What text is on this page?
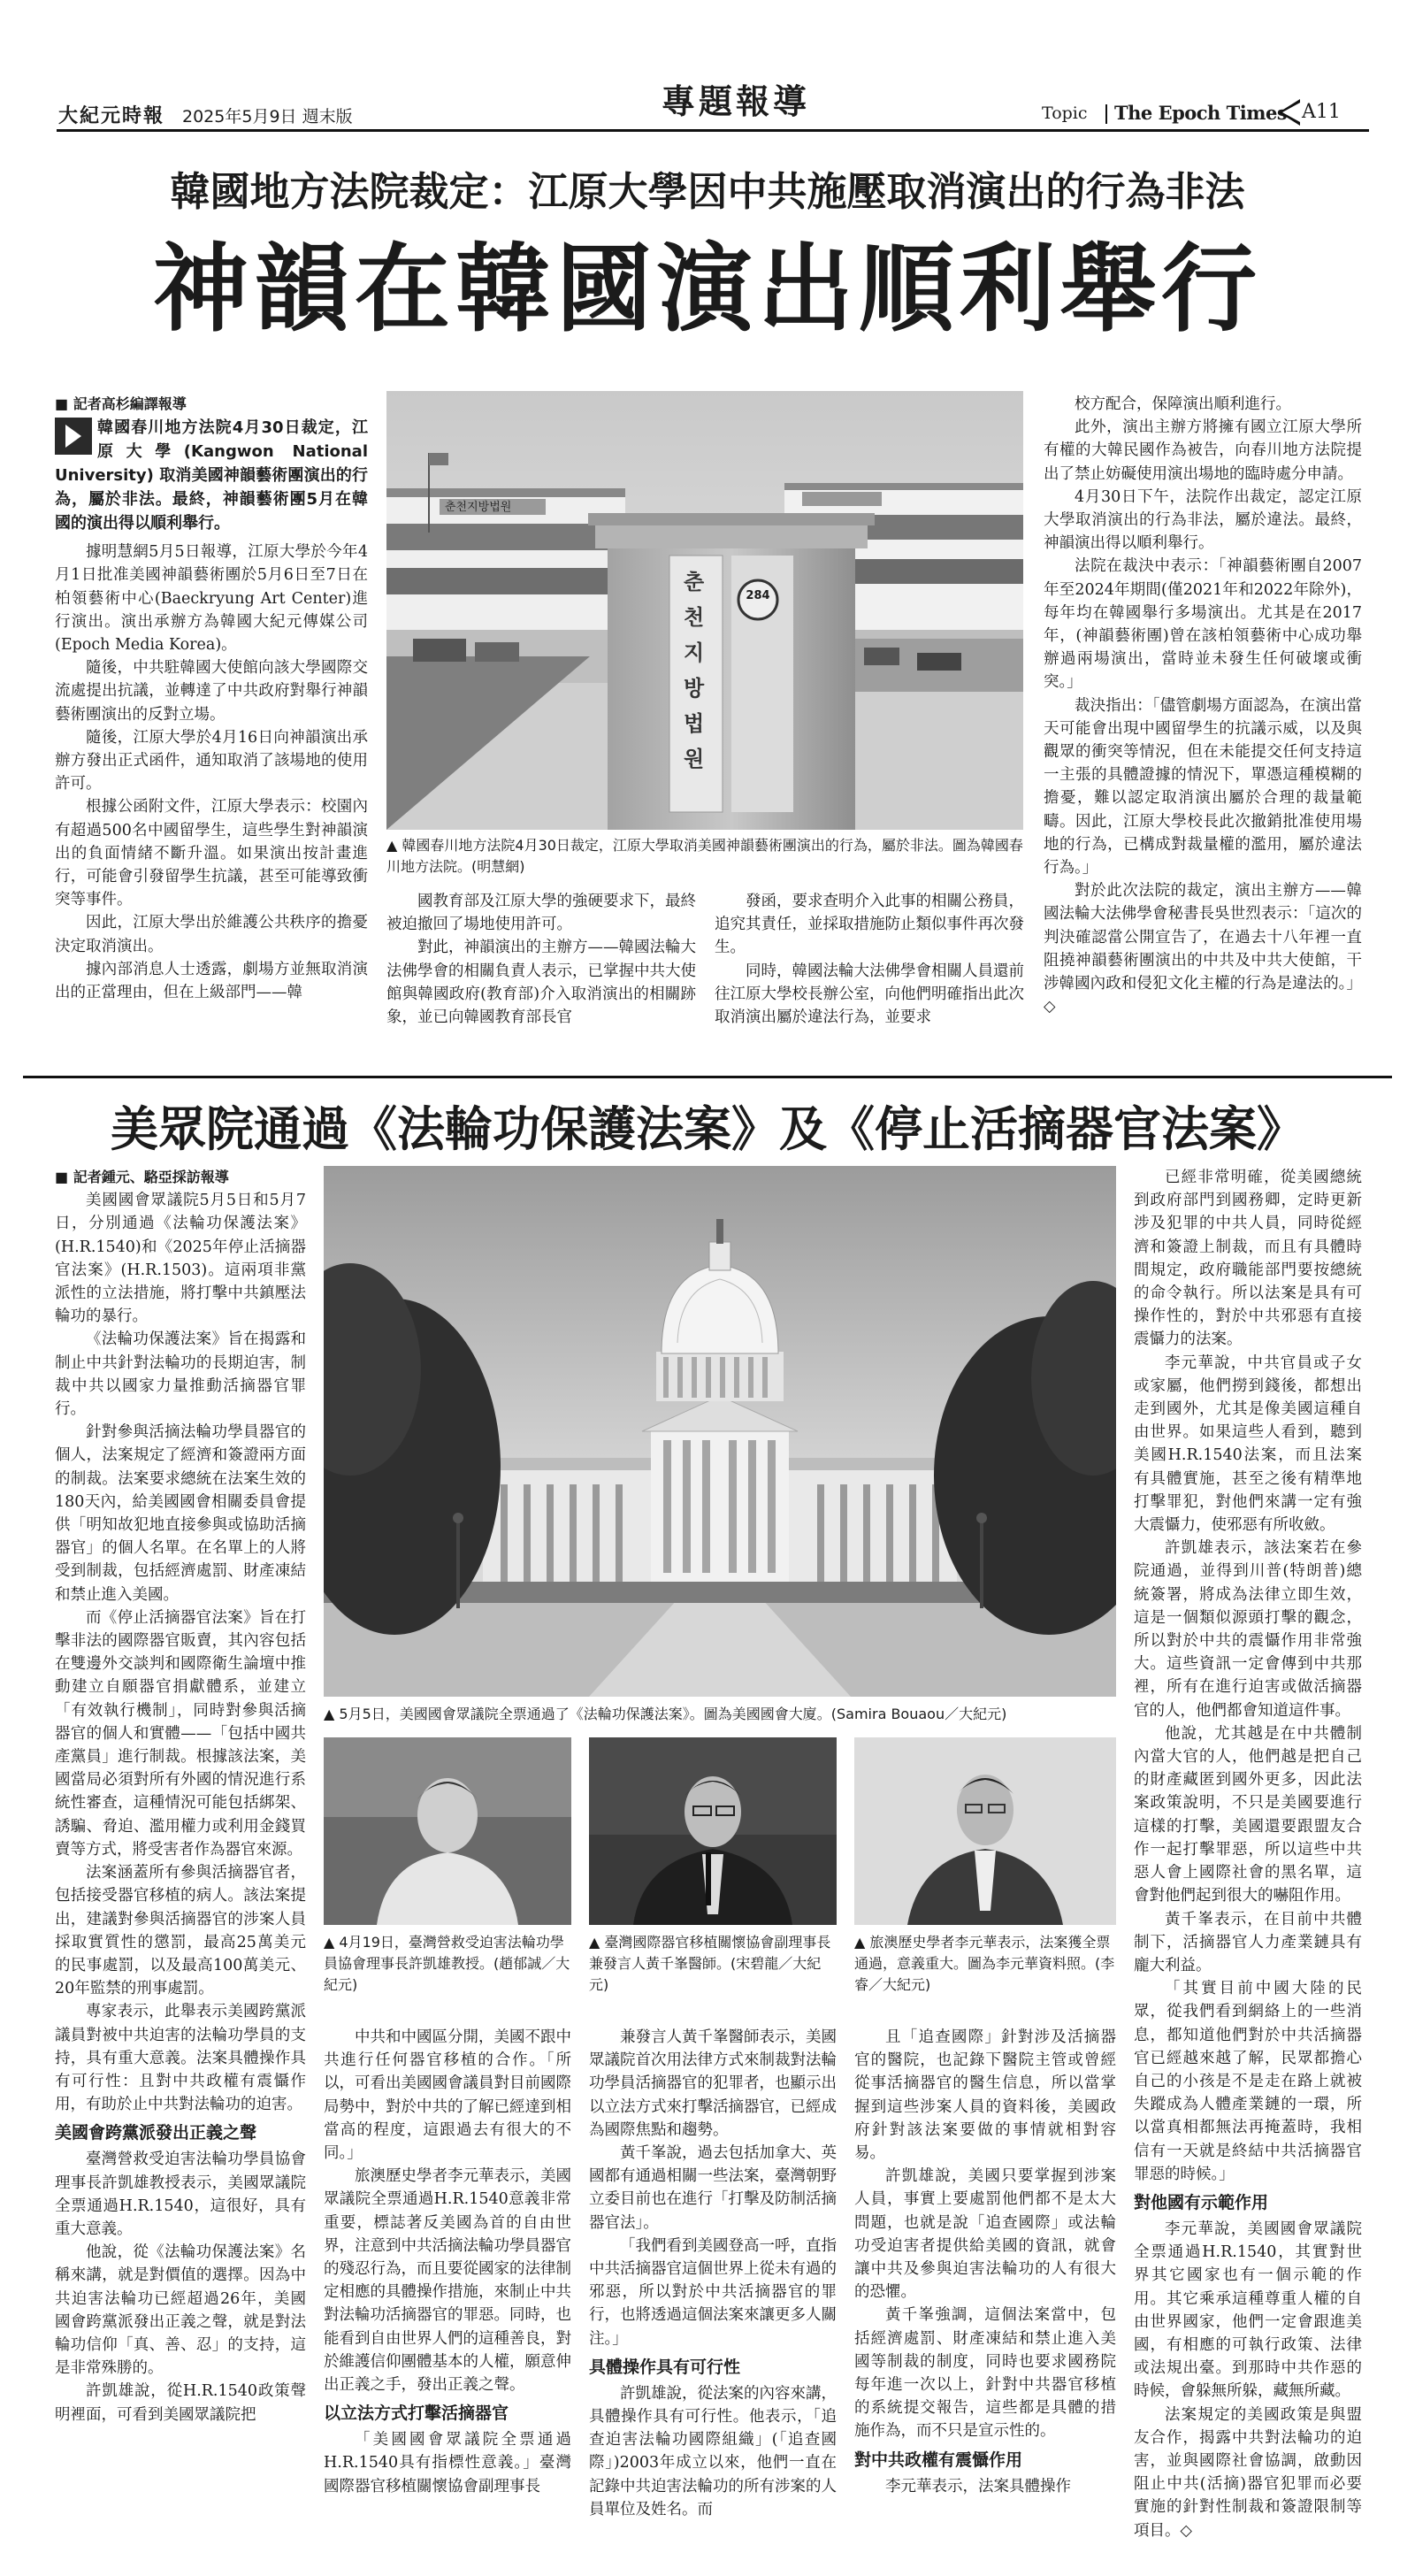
大紀元時報 2025年5月9日 週末版	專題報導	Topic The Epoch Times A11
韓國地方法院裁定：江原大學因中共施壓取消演出的行為非法
神韻在韓國演出順利舉行

■ 記者高杉編譯報導

韓國春川地方法院4月30日裁定，江原大學(Kangwon National University) 取消美國神韻藝術團演出的行為，屬於非法。最終，神韻藝術團5月在韓國的演出得以順利舉行。

據明慧網5月5日報導，江原大學於今年4月1日批准美國神韻藝術團於5月6日至7日在柏領藝術中心(Baeckryung Art Center)進行演出。演出承辦方為韓國大紀元傳媒公司(Epoch Media Korea)。

隨後，中共駐韓國大使館向該大學國際交流處提出抗議，並轉達了中共政府對舉行神韻藝術團演出的反對立場。

隨後，江原大學於4月16日向神韻演出承辦方發出正式函件，通知取消了該場地的使用許可。

根據公函附文件，江原大學表示：校園內有超過500名中國留學生，這些學生對神韻演出的負面情緒不斷升溫。如果演出按計畫進行，可能會引發留學生抗議，甚至可能導致衝突等事件。

因此，江原大學出於維護公共秩序的擔憂決定取消演出。

據內部消息人士透露，劇場方並無取消演出的正當理由，但在上級部門——韓

284
춘천지방법원
춘천지방법원
▲ 韓國春川地方法院4月30日裁定，江原大學取消美國神韻藝術團演出的行為，屬於非法。圖為韓國春川地方法院。(明慧網)

國教育部及江原大學的強硬要求下，最終被迫撤回了場地使用許可。

對此，神韻演出的主辦方——韓國法輪大法佛學會的相關負責人表示，已掌握中共大使館與韓國政府(教育部)介入取消演出的相關跡象，並已向韓國教育部長官

發函，要求查明介入此事的相關公務員，追究其責任，並採取措施防止類似事件再次發生。

同時，韓國法輪大法佛學會相關人員還前往江原大學校長辦公室，向他們明確指出此次取消演出屬於違法行為，並要求

校方配合，保障演出順利進行。

此外，演出主辦方將擁有國立江原大學所有權的大韓民國作為被告，向春川地方法院提出了禁止妨礙使用演出場地的臨時處分申請。

4月30日下午，法院作出裁定，認定江原大學取消演出的行為非法，屬於違法。最終，神韻演出得以順利舉行。

法院在裁決中表示：「神韻藝術團自2007年至2024年期間(僅2021年和2022年除外)，每年均在韓國舉行多場演出。尤其是在2017年，(神韻藝術團)曾在該柏領藝術中心成功舉辦過兩場演出，當時並未發生任何破壞或衝突。」

裁決指出：「儘管劇場方面認為，在演出當天可能會出現中國留學生的抗議示威，以及與觀眾的衝突等情況，但在未能提交任何支持這一主張的具體證據的情況下，單憑這種模糊的擔憂，難以認定取消演出屬於合理的裁量範疇。因此，江原大學校長此次撤銷批准使用場地的行為，已構成對裁量權的濫用，屬於違法行為。」

對於此次法院的裁定，演出主辦方——韓國法輪大法佛學會秘書長吳世烈表示：「這次的判決確認當公開宣告了，在過去十八年裡一直阻撓神韻藝術團演出的中共及中共大使館，干涉韓國內政和侵犯文化主權的行為是違法的。」◇

美眾院通過《法輪功保護法案》及《停止活摘器官法案》

■ 記者鍾元、駱亞採訪報導

美國國會眾議院5月5日和5月7日，分別通過《法輪功保護法案》(H.R.1540)和《2025年停止活摘器官法案》(H.R.1503)。這兩項非黨派性的立法措施，將打擊中共鎮壓法輪功的暴行。

《法輪功保護法案》旨在揭露和制止中共針對法輪功的長期迫害，制裁中共以國家力量推動活摘器官罪行。

針對參與活摘法輪功學員器官的個人，法案規定了經濟和簽證兩方面的制裁。法案要求總統在法案生效的180天內，給美國國會相關委員會提供「明知故犯地直接參與或協助活摘器官」的個人名單。在名單上的人將受到制裁，包括經濟處罰、財產凍結和禁止進入美國。

而《停止活摘器官法案》旨在打擊非法的國際器官販賣，其內容包括在雙邊外交談判和國際衛生論壇中推動建立自願器官捐獻體系，並建立「有效執行機制」，同時對參與活摘器官的個人和實體——「包括中國共產黨員」進行制裁。根據該法案，美國當局必須對所有外國的情況進行系統性審查，這種情況可能包括綁架、誘騙、脅迫、濫用權力或利用金錢買賣等方式，將受害者作為器官來源。

法案涵蓋所有參與活摘器官者，包括接受器官移植的病人。該法案提出，建議對參與活摘器官的涉案人員採取實質性的懲罰，最高25萬美元的民事處罰，以及最高100萬美元、20年監禁的刑事處罰。

專家表示，此舉表示美國跨黨派議員對被中共迫害的法輪功學員的支持，具有重大意義。法案具體操作具有可行性：且對中共政權有震懾作用，有助於止中共對法輪功的迫害。

美國會跨黨派發出正義之聲

臺灣營救受迫害法輪功學員協會理事長許凱雄教授表示，美國眾議院全票通過H.R.1540，這很好，具有重大意義。

他說，從《法輪功保護法案》名稱來講，就是對價值的選擇。因為中共迫害法輪功已經超過26年，美國國會跨黨派發出正義之聲，就是對法輪功信仰「真、善、忍」的支持，這是非常殊勝的。

許凱雄說，從H.R.1540政策聲明裡面，可看到美國眾議院把

▲ 5月5日，美國國會眾議院全票通過了《法輪功保護法案》。圖為美國國會大廈。(Samira Bouaou／大紀元)
▲ 4月19日，臺灣營救受迫害法輪功學員協會理事長許凱雄教授。(趙郁誠／大紀元)
▲ 臺灣國際器官移植關懷協會副理事長兼發言人黃千峯醫師。(宋碧龍／大紀元)
▲ 旅澳歷史學者李元華表示，法案獲全票通過，意義重大。圖為李元華資料照。(李睿／大紀元)

中共和中國區分開，美國不跟中共進行任何器官移植的合作。「所以，可看出美國國會議員對目前國際局勢中，對於中共的了解已經達到相當高的程度，這跟過去有很大的不同。」

旅澳歷史學者李元華表示，美國眾議院全票通過H.R.1540意義非常重要，標誌著反美國為首的自由世界，注意到中共活摘法輪功學員器官的殘忍行為，而且要從國家的法律制定相應的具體操作措施，來制止中共對法輪功活摘器官的罪惡。同時，也能看到自由世界人們的這種善良，對於維護信仰團體基本的人權，願意伸出正義之手，發出正義之聲。

以立法方式打擊活摘器官

「美國國會眾議院全票通過H.R.1540具有指標性意義。」臺灣國際器官移植關懷協會副理事長

兼發言人黃千峯醫師表示，美國眾議院首次用法律方式來制裁對法輪功學員活摘器官的犯罪者，也顯示出以立法方式來打擊活摘器官，已經成為國際焦點和趨勢。

黃千峯說，過去包括加拿大、英國都有通過相關一些法案，臺灣朝野立委目前也在進行「打擊及防制活摘器官法」。

「我們看到美國登高一呼，直指中共活摘器官這個世界上從未有過的邪惡，所以對於中共活摘器官的罪行，也將透過這個法案來讓更多人關注。」

具體操作具有可行性

許凱雄說，從法案的內容來講，具體操作具有可行性。他表示，「追查迫害法輪功國際組織」(「追查國際」)2003年成立以來，他們一直在記錄中共迫害法輪功的所有涉案的人員單位及姓名。而

且「追查國際」針對涉及活摘器官的醫院，也記錄下醫院主管或曾經從事活摘器官的醫生信息，所以當掌握到這些涉案人員的資料後，美國政府針對該法案要做的事情就相對容易。

許凱雄說，美國只要掌握到涉案人員，事實上要處罰他們都不是太大問題，也就是說「追查國際」或法輪功受迫害者提供給美國的資訊，就會讓中共及參與迫害法輪功的人有很大的恐懼。

黃千峯強調，這個法案當中，包括經濟處罰、財產凍結和禁止進入美國等制裁的制度，同時也要求國務院每年進一次以上，針對中共器官移植的系統提交報告，這些都是具體的措施作為，而不只是宣示性的。

對中共政權有震懾作用

李元華表示，法案具體操作

已經非常明確，從美國總統到政府部門到國務卿，定時更新涉及犯罪的中共人員，同時從經濟和簽證上制裁，而且有具體時間規定，政府職能部門要按總統的命令執行。所以法案是具有可操作性的，對於中共邪惡有直接震懾力的法案。

李元華說，中共官員或子女或家屬，他們撈到錢後，都想出走到國外，尤其是像美國這種自由世界。如果這些人看到，聽到美國H.R.1540法案，而且法案有具體實施，甚至之後有精準地打擊罪犯，對他們來講一定有強大震懾力，使邪惡有所收斂。

許凱雄表示，該法案若在參院通過，並得到川普(特朗普)總統簽署，將成為法律立即生效，這是一個類似源頭打擊的觀念，所以對於中共的震懾作用非常強大。這些資訊一定會傳到中共那裡，所有在進行迫害或做活摘器官的人，他們都會知道這件事。

他說，尤其越是在中共體制內當大官的人，他們越是把自己的財產藏匿到國外更多，因此法案政策說明，不只是美國要進行這樣的打擊，美國還要跟盟友合作一起打擊罪惡，所以這些中共惡人會上國際社會的黑名單，這會對他們起到很大的嚇阻作用。

黃千峯表示，在目前中共體制下，活摘器官人力產業鏈具有龐大利益。

「其實目前中國大陸的民眾，從我們看到網絡上的一些消息，都知道他們對於中共活摘器官已經越來越了解，民眾都擔心自己的小孩是不是走在路上就被失蹤成為人體產業鏈的一環，所以當真相都無法再掩蓋時，我相信有一天就是終結中共活摘器官罪惡的時候。」

對他國有示範作用

李元華說，美國國會眾議院全票通過H.R.1540，其實對世界其它國家也有一個示範的作用。其它乘承這種尊重人權的自由世界國家，他們一定會跟進美國，有相應的可執行政策、法律或法規出臺。到那時中共作惡的時候，會躲無所躲，藏無所藏。

法案規定的美國政策是與盟友合作，揭露中共對法輪功的迫害，並與國際社會協調，啟動因阻止中共(活摘)器官犯罪而必要實施的針對性制裁和簽證限制等項目。◇
